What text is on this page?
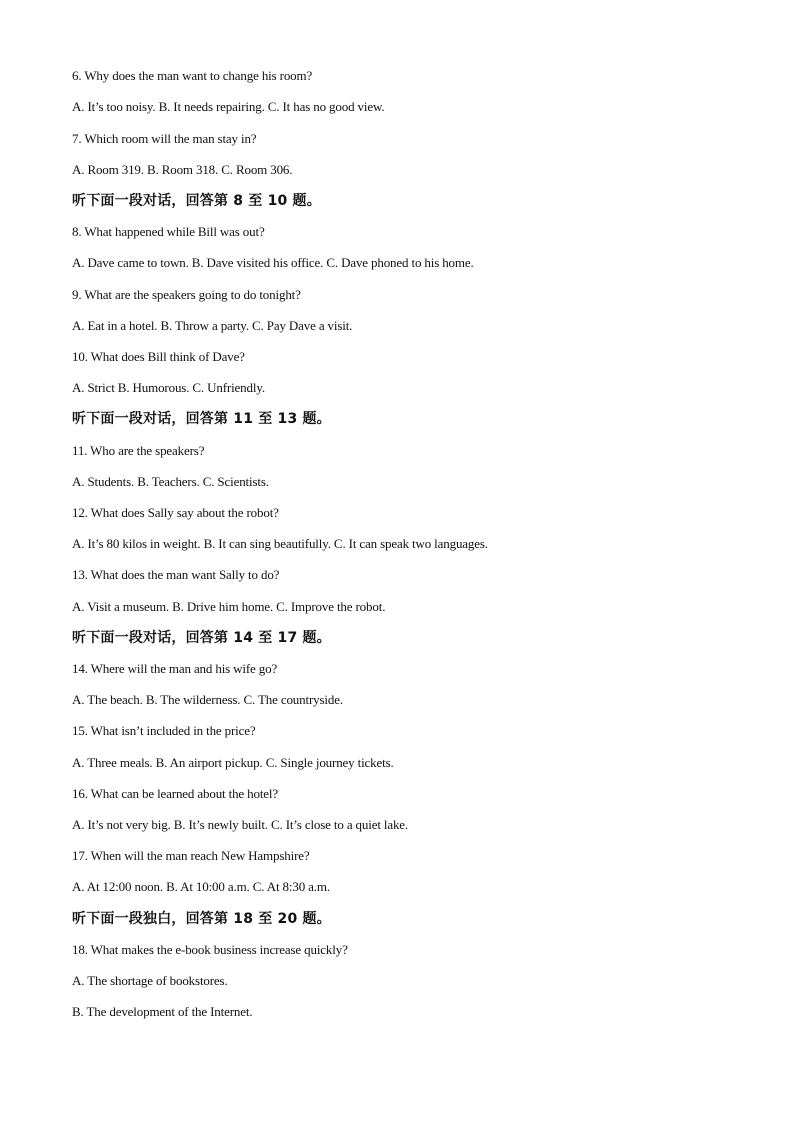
6. Why does the man want to change his room?
A. It’s too noisy. B. It needs repairing. C. It has no good view.
7. Which room will the man stay in?
A. Room 319. B. Room 318. C. Room 306.
听下面一段对话，回答第 8 至 10 题。
8. What happened while Bill was out?
A. Dave came to town. B. Dave visited his office. C. Dave phoned to his home.
9. What are the speakers going to do tonight?
A. Eat in a hotel. B. Throw a party. C. Pay Dave a visit.
10. What does Bill think of Dave?
A. Strict B. Humorous. C. Unfriendly.
听下面一段对话，回答第 11 至 13 题。
11. Who are the speakers?
A. Students. B. Teachers. C. Scientists.
12. What does Sally say about the robot?
A. It’s 80 kilos in weight. B. It can sing beautifully. C. It can speak two languages.
13. What does the man want Sally to do?
A. Visit a museum. B. Drive him home. C. Improve the robot.
听下面一段对话，回答第 14 至 17 题。
14. Where will the man and his wife go?
A. The beach. B. The wilderness. C. The countryside.
15. What isn’t included in the price?
A. Three meals. B. An airport pickup. C. Single journey tickets.
16. What can be learned about the hotel?
A. It’s not very big. B. It’s newly built. C. It’s close to a quiet lake.
17. When will the man reach New Hampshire?
A. At 12:00 noon. B. At 10:00 a.m. C. At 8:30 a.m.
听下面一段独白，回答第 18 至 20 题。
18. What makes the e-book business increase quickly?
A. The shortage of bookstores.
B. The development of the Internet.
